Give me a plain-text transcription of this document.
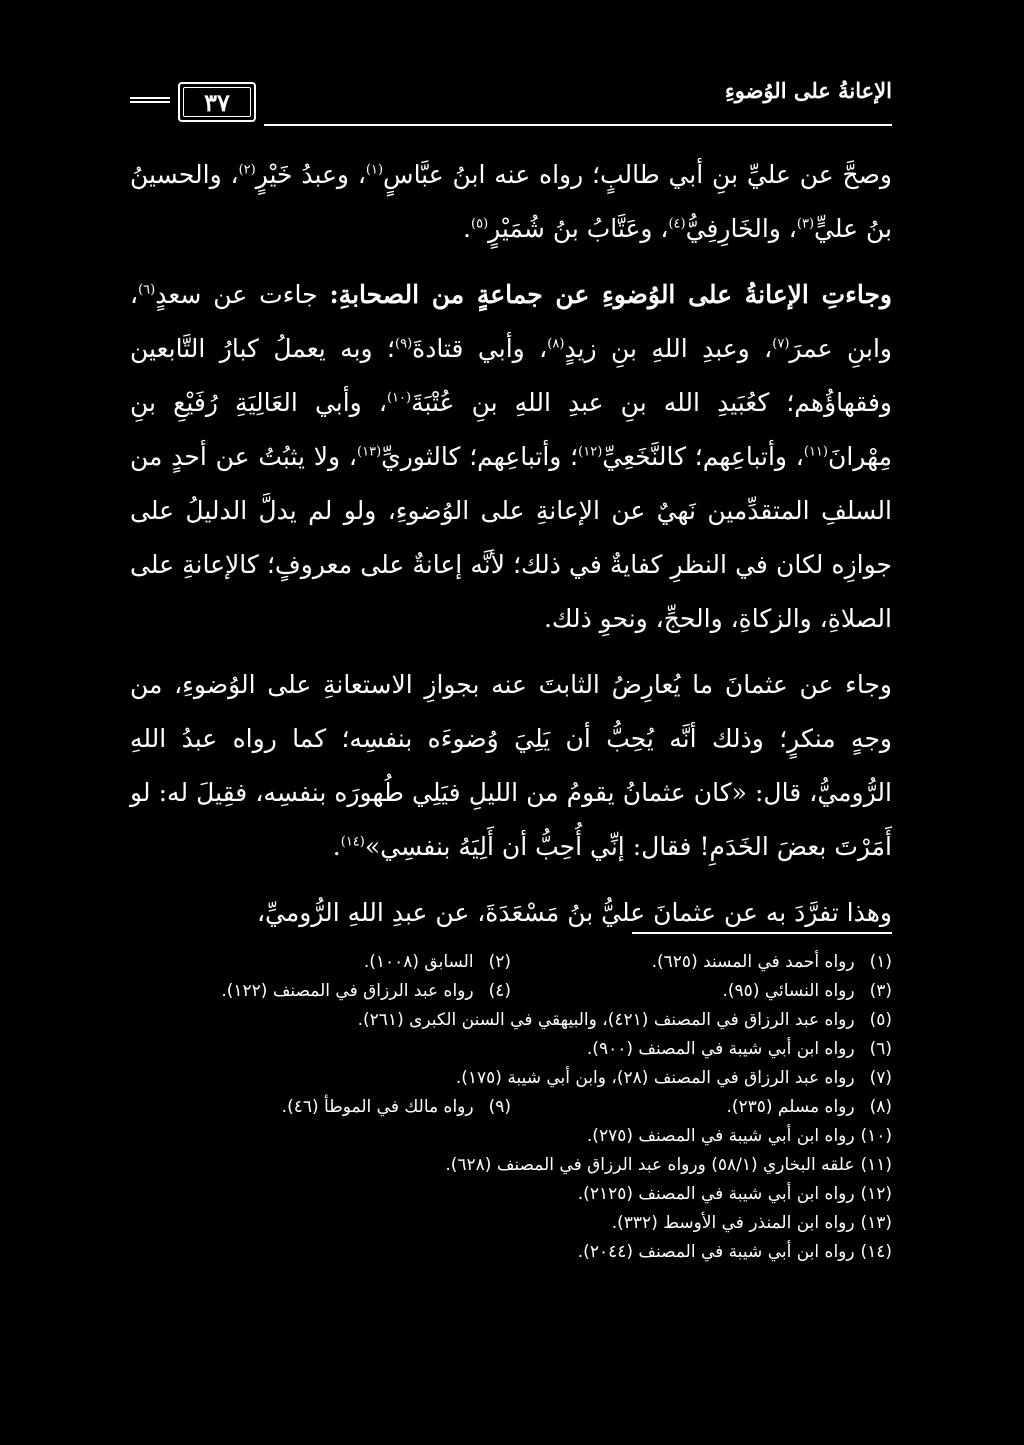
٣٧	الإعانةُ على الوُضوءِ

وصحَّ عن عليِّ بنِ أبي طالبٍ؛ رواه عنه ابنُ عبَّاسٍ$^{(١)}$، وعبدُ خَيْرٍ$^{(٢)}$، والحسينُ بنُ عليٍّ$^{(٣)}$، والخَارِفِيُّ$^{(٤)}$، وعَتَّابُ بنُ شُمَيْرٍ$^{(٥)}$.

وجاءتِ الإعانةُ على الوُضوءِ عن جماعةٍ من الصحابةِ: جاءت عن سعدٍ$^{(٦)}$، وابنِ عمرَ$^{(٧)}$، وعبدِ اللهِ بنِ زيدٍ$^{(٨)}$، وأبي قتادةَ$^{(٩)}$؛ وبه يعملُ كبارُ التَّابعين وفقهاؤُهم؛ كعُبَيدِ الله بنِ عبدِ اللهِ بنِ عُتْبَةَ$^{(١٠)}$، وأبي العَالِيَةِ رُفَيْعِ بنِ مِهْرانَ$^{(١١)}$، وأتباعِهم؛ كالنَّخَعِيِّ$^{(١٢)}$؛ وأتباعِهم؛ كالثوريِّ$^{(١٣)}$، ولا يثبُتُ عن أحدٍ من السلفِ المتقدِّمين نَهيٌ عن الإعانةِ على الوُضوءِ، ولو لم يدلَّ الدليلُ على جوازِه لكان في النظرِ كفايةٌ في ذلك؛ لأنَّه إعانةٌ على معروفٍ؛ كالإعانةِ على الصلاةِ، والزكاةِ، والحجِّ، ونحوِ ذلك.

وجاء عن عثمانَ ما يُعارِضُ الثابتَ عنه بجوازِ الاستعانةِ على الوُضوءِ، من وجهٍ منكرٍ؛ وذلك أنَّه يُحِبُّ أن يَلِيَ وُضوءَه بنفسِه؛ كما رواه عبدُ اللهِ الرُّوميُّ، قال: «كان عثمانُ يقومُ من الليلِ فيَلِي طُهورَه بنفسِه، فقِيلَ له: لو أَمَرْتَ بعضَ الخَدَمِ! فقال: إنِّي أُحِبُّ أن أَلِيَهُ بنفسِي»$^{(١٤)}$.

وهذا تفرَّدَ به عن عثمانَ عليُّ بنُ مَسْعَدَةَ، عن عبدِ اللهِ الرُّوميِّ،

(١) رواه أحمد في المسند (٦٢٥).
(٢) السابق (١٠٠٨).
(٣) رواه النسائي (٩٥).
(٤) رواه عبد الرزاق في المصنف (١٢٢).
(٥) رواه عبد الرزاق في المصنف (٤٢١)، والبيهقي في السنن الكبرى (٢٦١).
(٦) رواه ابن أبي شيبة في المصنف (٩٠٠).
(٧) رواه عبد الرزاق في المصنف (٢٨)، وابن أبي شيبة (١٧٥).
(٨) رواه مسلم (٢٣٥).
(٩) رواه مالك في الموطأ (٤٦).
(١٠) رواه ابن أبي شيبة في المصنف (٢٧٥).
(١١) علقه البخاري (٥٨/١) ورواه عبد الرزاق في المصنف (٦٢٨).
(١٢) رواه ابن أبي شيبة في المصنف (٢١٢٥).
(١٣) رواه ابن المنذر في الأوسط (٣٣٢).
(١٤) رواه ابن أبي شيبة في المصنف (٢٠٤٤).
